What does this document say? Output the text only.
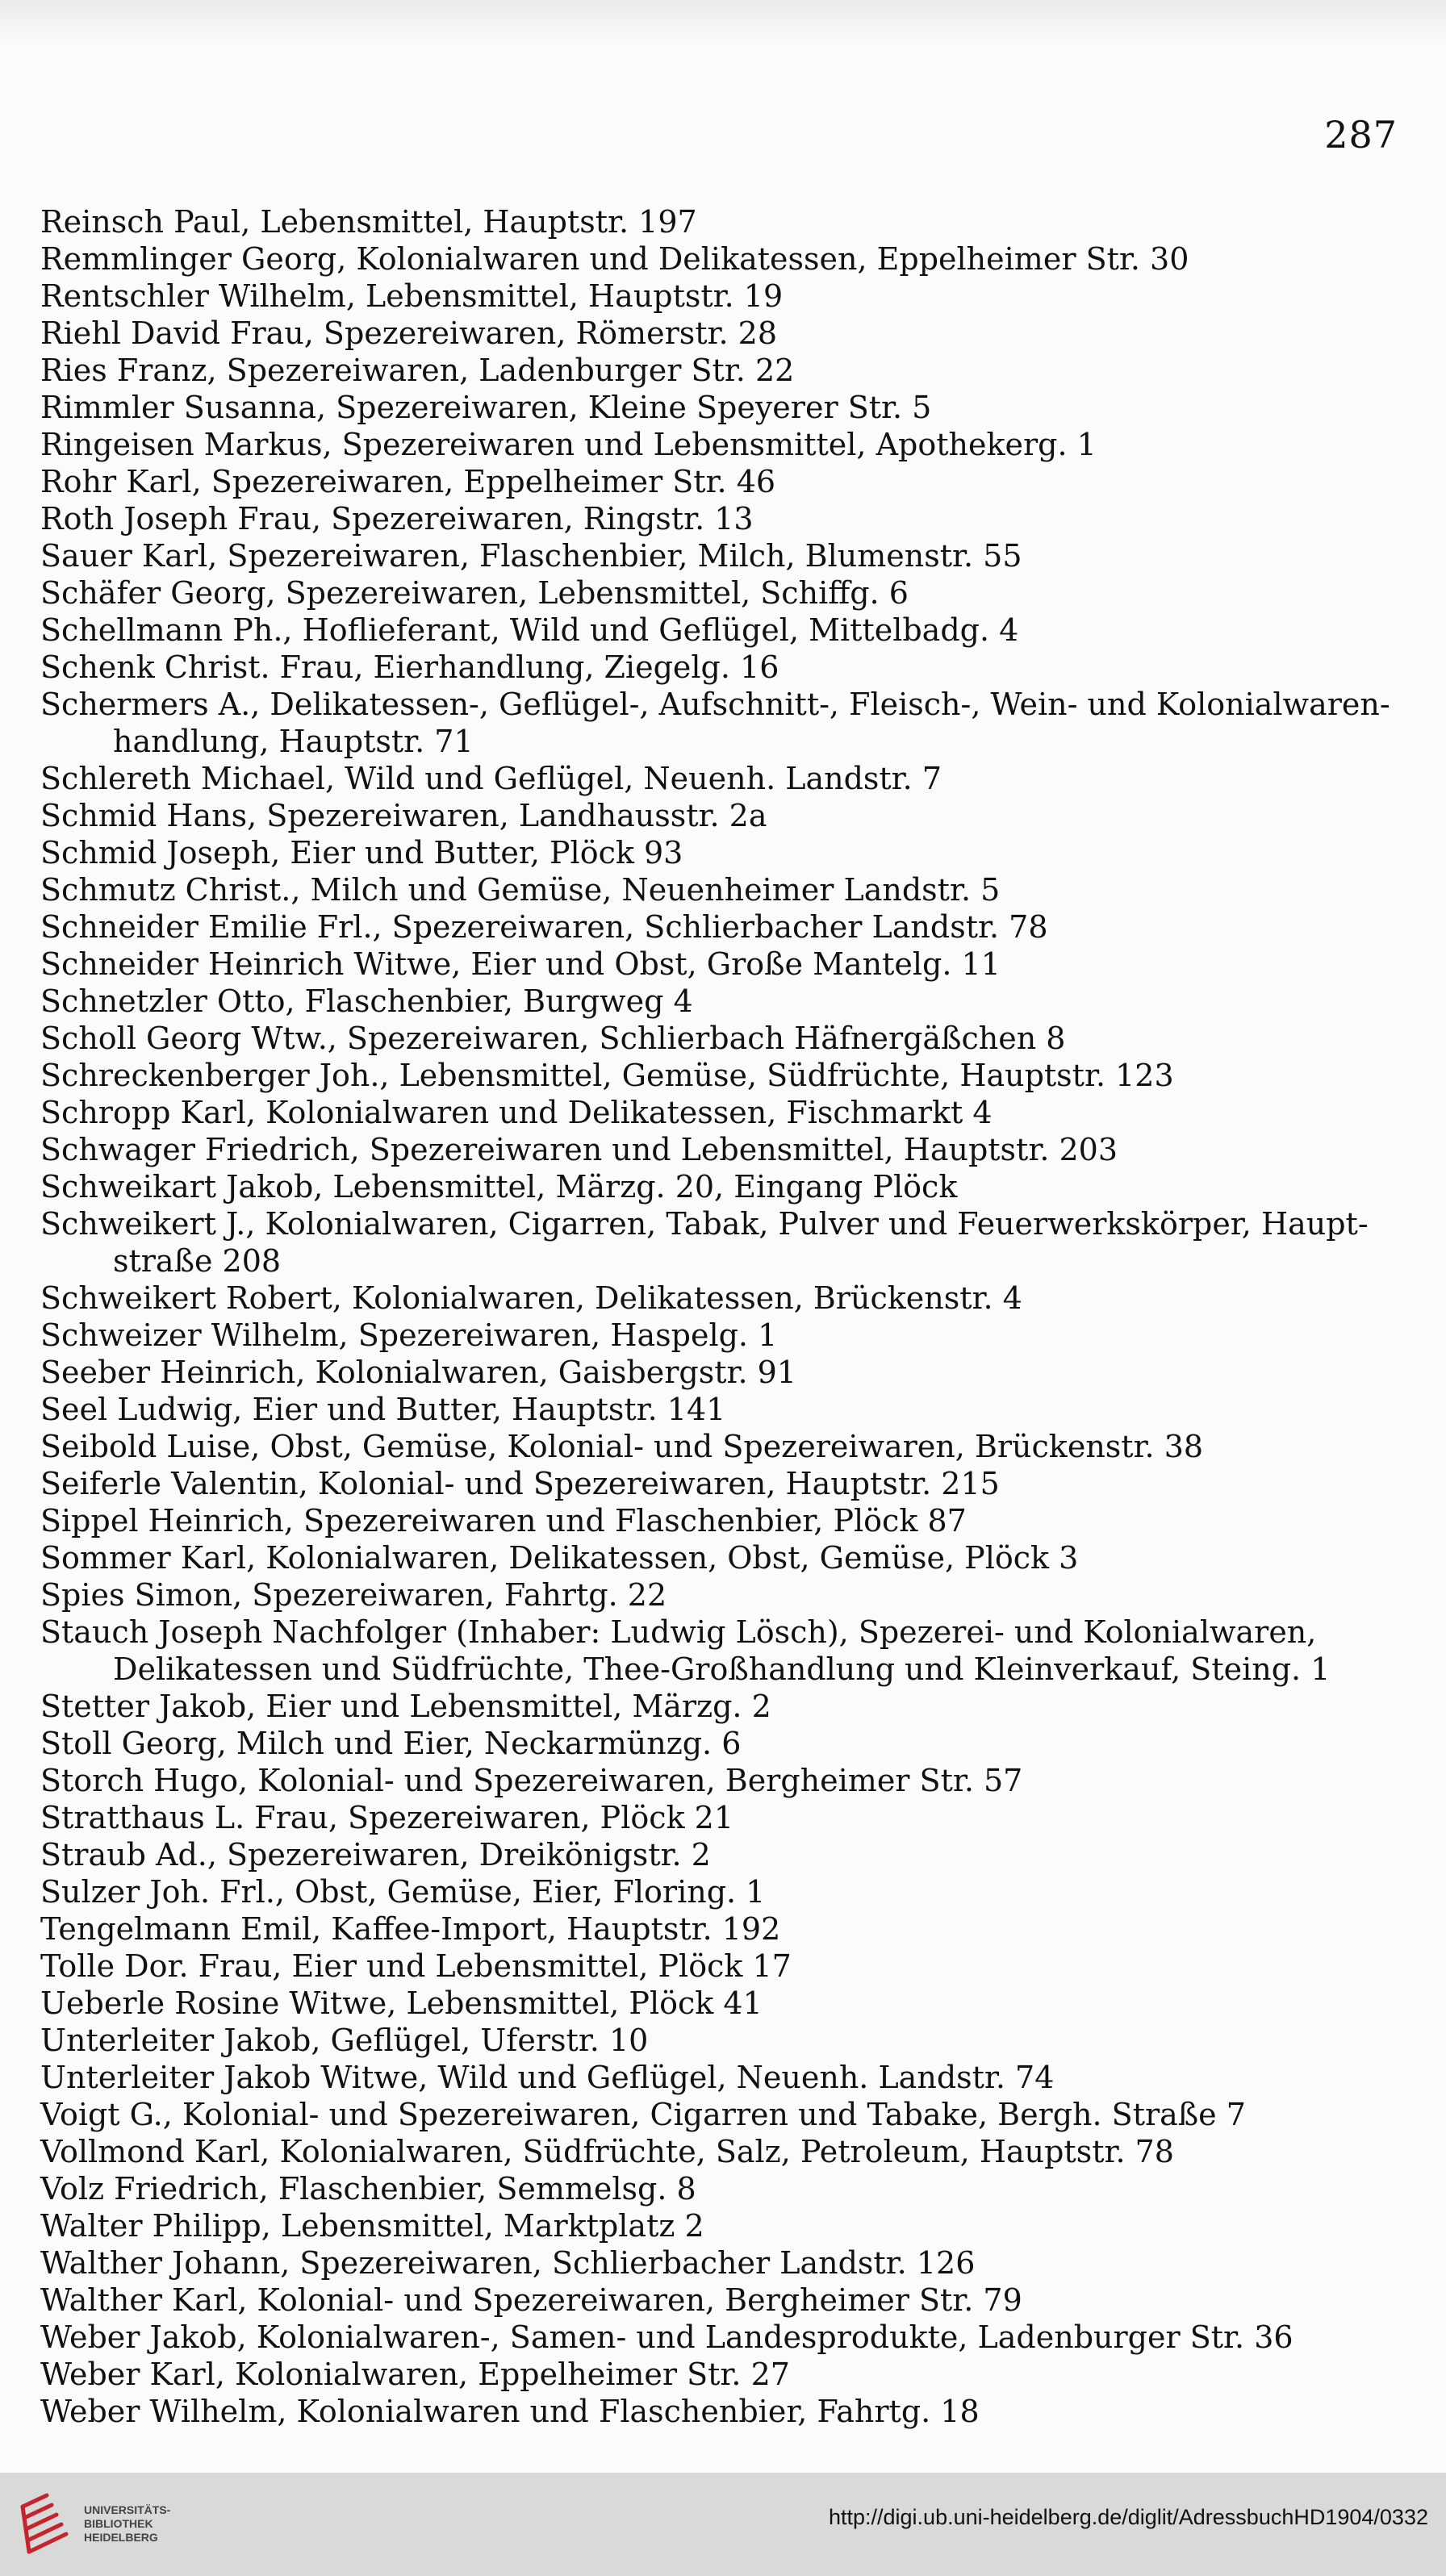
287
Reinsch Paul, Lebensmittel, Hauptstr. 197
Remmlinger Georg, Kolonialwaren und Delikatessen, Eppelheimer Str. 30
Rentschler Wilhelm, Lebensmittel, Hauptstr. 19
Riehl David Frau, Spezereiwaren, Römerstr. 28
Ries Franz, Spezereiwaren, Ladenburger Str. 22
Rimmler Susanna, Spezereiwaren, Kleine Speyerer Str. 5
Ringeisen Markus, Spezereiwaren und Lebensmittel, Apothekerg. 1
Rohr Karl, Spezereiwaren, Eppelheimer Str. 46
Roth Joseph Frau, Spezereiwaren, Ringstr. 13
Sauer Karl, Spezereiwaren, Flaschenbier, Milch, Blumenstr. 55
Schäfer Georg, Spezereiwaren, Lebensmittel, Schiffg. 6
Schellmann Ph., Hoflieferant, Wild und Geflügel, Mittelbadg. 4
Schenk Christ. Frau, Eierhandlung, Ziegelg. 16
Schermers A., Delikatessen-, Geflügel-, Aufschnitt-, Fleisch-, Wein- und Kolonialwaren-
handlung, Hauptstr. 71
Schlereth Michael, Wild und Geflügel, Neuenh. Landstr. 7
Schmid Hans, Spezereiwaren, Landhausstr. 2a
Schmid Joseph, Eier und Butter, Plöck 93
Schmutz Christ., Milch und Gemüse, Neuenheimer Landstr. 5
Schneider Emilie Frl., Spezereiwaren, Schlierbacher Landstr. 78
Schneider Heinrich Witwe, Eier und Obst, Große Mantelg. 11
Schnetzler Otto, Flaschenbier, Burgweg 4
Scholl Georg Wtw., Spezereiwaren, Schlierbach Häfnergäßchen 8
Schreckenberger Joh., Lebensmittel, Gemüse, Südfrüchte, Hauptstr. 123
Schropp Karl, Kolonialwaren und Delikatessen, Fischmarkt 4
Schwager Friedrich, Spezereiwaren und Lebensmittel, Hauptstr. 203
Schweikart Jakob, Lebensmittel, Märzg. 20, Eingang Plöck
Schweikert J., Kolonialwaren, Cigarren, Tabak, Pulver und Feuerwerkskörper, Haupt-
straße 208
Schweikert Robert, Kolonialwaren, Delikatessen, Brückenstr. 4
Schweizer Wilhelm, Spezereiwaren, Haspelg. 1
Seeber Heinrich, Kolonialwaren, Gaisbergstr. 91
Seel Ludwig, Eier und Butter, Hauptstr. 141
Seibold Luise, Obst, Gemüse, Kolonial- und Spezereiwaren, Brückenstr. 38
Seiferle Valentin, Kolonial- und Spezereiwaren, Hauptstr. 215
Sippel Heinrich, Spezereiwaren und Flaschenbier, Plöck 87
Sommer Karl, Kolonialwaren, Delikatessen, Obst, Gemüse, Plöck 3
Spies Simon, Spezereiwaren, Fahrtg. 22
Stauch Joseph Nachfolger (Inhaber: Ludwig Lösch), Spezerei- und Kolonialwaren,
Delikatessen und Südfrüchte, Thee-Großhandlung und Kleinverkauf, Steing. 1
Stetter Jakob, Eier und Lebensmittel, Märzg. 2
Stoll Georg, Milch und Eier, Neckarmünzg. 6
Storch Hugo, Kolonial- und Spezereiwaren, Bergheimer Str. 57
Stratthaus L. Frau, Spezereiwaren, Plöck 21
Straub Ad., Spezereiwaren, Dreikönigstr. 2
Sulzer Joh. Frl., Obst, Gemüse, Eier, Floring. 1
Tengelmann Emil, Kaffee-Import, Hauptstr. 192
Tolle Dor. Frau, Eier und Lebensmittel, Plöck 17
Ueberle Rosine Witwe, Lebensmittel, Plöck 41
Unterleiter Jakob, Geflügel, Uferstr. 10
Unterleiter Jakob Witwe, Wild und Geflügel, Neuenh. Landstr. 74
Voigt G., Kolonial- und Spezereiwaren, Cigarren und Tabake, Bergh. Straße 7
Vollmond Karl, Kolonialwaren, Südfrüchte, Salz, Petroleum, Hauptstr. 78
Volz Friedrich, Flaschenbier, Semmelsg. 8
Walter Philipp, Lebensmittel, Marktplatz 2
Walther Johann, Spezereiwaren, Schlierbacher Landstr. 126
Walther Karl, Kolonial- und Spezereiwaren, Bergheimer Str. 79
Weber Jakob, Kolonialwaren-, Samen- und Landesprodukte, Ladenburger Str. 36
Weber Karl, Kolonialwaren, Eppelheimer Str. 27
Weber Wilhelm, Kolonialwaren und Flaschenbier, Fahrtg. 18
UNIVERSITÄTS-
BIBLIOTHEK
HEIDELBERG
http://digi.ub.uni-heidelberg.de/diglit/AdressbuchHD1904/0332
